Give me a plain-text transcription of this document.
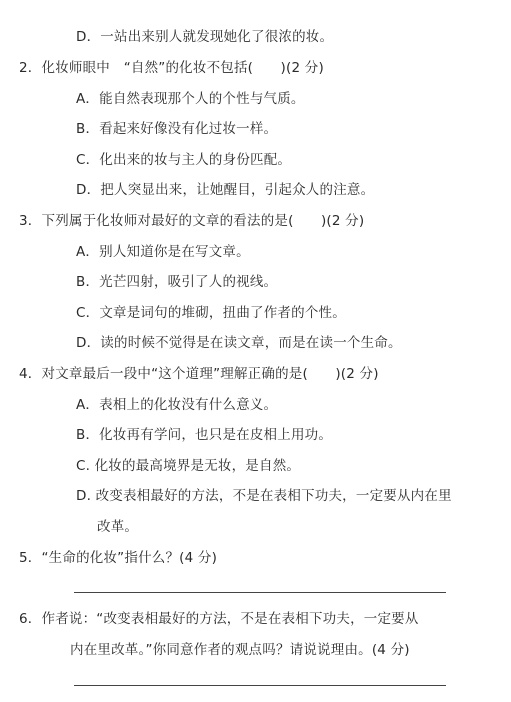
D．一站出来别人就发现她化了很浓的妆。
2．化妆师眼中　“自然”的化妆不包括(　　)(2 分)
A．能自然表现那个人的个性与气质。
B．看起来好像没有化过妆一样。
C．化出来的妆与主人的身份匹配。
D．把人突显出来，让她醒目，引起众人的注意。
3．下列属于化妆师对最好的文章的看法的是(　　)(2 分)
A．别人知道你是在写文章。
B．光芒四射，吸引了人的视线。
C．文章是词句的堆砌，扭曲了作者的个性。
D．读的时候不觉得是在读文章，而是在读一个生命。
4．对文章最后一段中“这个道理”理解正确的是(　　)(2 分)
A．表相上的化妆没有什么意义。
B．化妆再有学问，也只是在皮相上用功。
C. 化妆的最高境界是无妆，是自然。
D. 改变表相最好的方法，不是在表相下功夫，一定要从内在里
改革。
5．“生命的化妆”指什么？(4 分)
6．作者说：“改变表相最好的方法，不是在表相下功夫，一定要从
内在里改革。”你同意作者的观点吗？请说说理由。(4 分)
